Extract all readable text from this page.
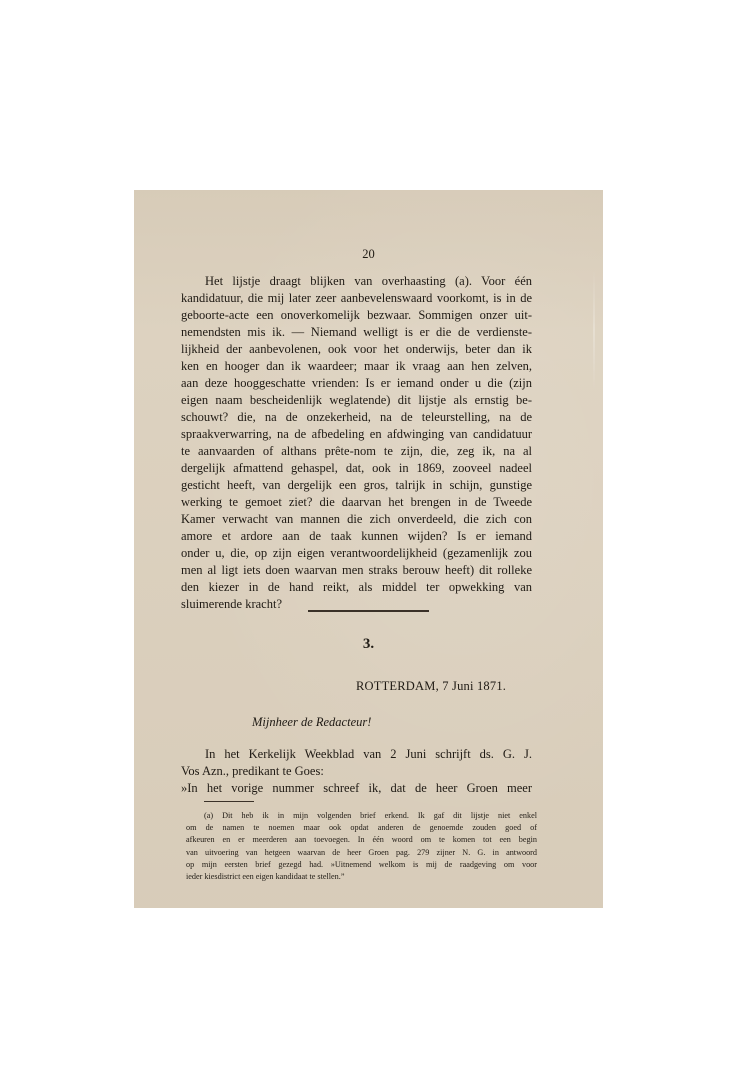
20
Het lijstje draagt blijken van overhaasting (a). Voor één
kandidatuur, die mij later zeer aanbevelenswaard voorkomt, is in de
geboorte-acte een onoverkomelijk bezwaar. Sommigen onzer uit-
nemendsten mis ik. — Niemand welligt is er die de verdienste-
lijkheid der aanbevolenen, ook voor het onderwijs, beter dan ik
ken en hooger dan ik waardeer; maar ik vraag aan hen zelven,
aan deze hooggeschatte vrienden: Is er iemand onder u die (zijn
eigen naam bescheidenlijk weglatende) dit lijstje als ernstig be-
schouwt? die, na de onzekerheid, na de teleurstelling, na de
spraakverwarring, na de afbedeling en afdwinging van candidatuur
te aanvaarden of althans prête-nom te zijn, die, zeg ik, na al
dergelijk afmattend gehaspel, dat, ook in 1869, zooveel nadeel
gesticht heeft, van dergelijk een gros, talrijk in schijn, gunstige
werking te gemoet ziet? die daarvan het brengen in de Tweede
Kamer verwacht van mannen die zich onverdeeld, die zich con
amore et ardore aan de taak kunnen wijden? Is er iemand
onder u, die, op zijn eigen verantwoordelijkheid (gezamenlijk zou
men al ligt iets doen waarvan men straks berouw heeft) dit rolleke
den kiezer in de hand reikt, als middel ter opwekking van
sluimerende kracht?
3.
ROTTERDAM, 7 Juni 1871.
Mijnheer de Redacteur!
In het Kerkelijk Weekblad van 2 Juni schrijft ds. G. J.
Vos Azn., predikant te Goes:
»In het vorige nummer schreef ik, dat de heer Groen meer
(a) Dit heb ik in mijn volgenden brief erkend. Ik gaf dit lijstje niet enkel
om de namen te noemen maar ook opdat anderen de genoemde zouden goed of
afkeuren en er meerderen aan toevoegen. In één woord om te komen tot een begin
van uitvoering van hetgeen waarvan de heer Groen pag. 279 zijner N. G. in antwoord
op mijn eersten brief gezegd had. »Uitnemend welkom is mij de raadgeving om voor
ieder kiesdistrict een eigen kandidaat te stellen.”
